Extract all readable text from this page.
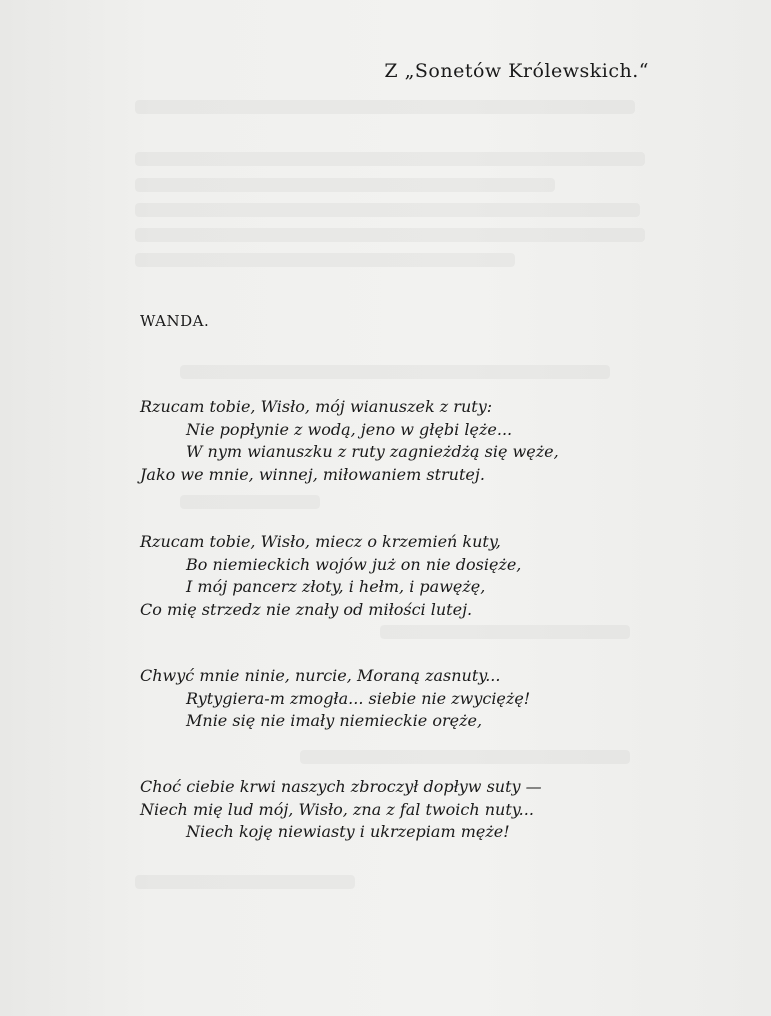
Z „Sonetów Królewskich.“
WANDA.
Rzucam tobie, Wisło, mój wianuszek z ruty:
Nie popłynie z wodą, jeno w głębi lęże...
W nym wianuszku z ruty zagnieżdżą się węże,
Jako we mnie, winnej, miłowaniem strutej.
Rzucam tobie, Wisło, miecz o krzemień kuty,
Bo niemieckich wojów już on nie dosięże,
I mój pancerz złoty, i hełm, i pawężę,
Co mię strzedz nie znały od miłości lutej.
Chwyć mnie ninie, nurcie, Moraną zasnuty...
Rytygiera-m zmogła... siebie nie zwyciężę!
Mnie się nie imały niemieckie oręże,
Choć ciebie krwi naszych zbroczył dopływ suty —
Niech mię lud mój, Wisło, zna z fal twoich nuty...
Niech koję niewiasty i ukrzepiam męże!
